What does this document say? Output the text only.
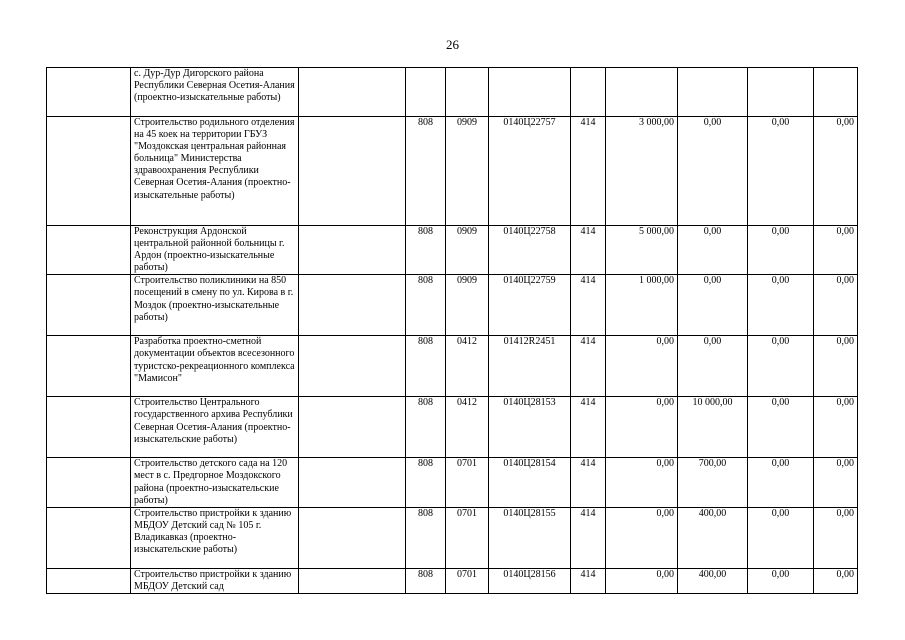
26
	с. Дур-Дур Дигорского района Республики Северная Осетия-Алания (проектно-изыскательные работы)									
	Строительство родильного отделения на 45 коек на территории ГБУЗ "Моздокская центральная районная больница" Министерства здравоохранения Республики Северная Осетия-Алания (проектно-изыскательные работы)		808	0909	0140Ц22757	414	3 000,00	0,00	0,00	0,00
	Реконструкция Ардонской центральной районной больницы г. Ардон (проектно-изыскательные работы)		808	0909	0140Ц22758	414	5 000,00	0,00	0,00	0,00
	Строительство поликлиники на 850 посещений в смену по ул. Кирова в г. Моздок (проектно-изыскательные работы)		808	0909	0140Ц22759	414	1 000,00	0,00	0,00	0,00
	Разработка проектно-сметной документации объектов всесезонного туристско-рекреационного комплекса "Мамисон"		808	0412	01412R2451	414	0,00	0,00	0,00	0,00
	Строительство Центрального государственного архива Республики Северная Осетия-Алания (проектно-изыскательские работы)		808	0412	0140Ц28153	414	0,00	10 000,00	0,00	0,00
	Строительство детского сада на 120 мест в с. Предгорное Моздокского района (проектно-изыскательские работы)		808	0701	0140Ц28154	414	0,00	700,00	0,00	0,00
	Строительство пристройки к зданию МБДОУ Детский сад № 105 г. Владикавказ (проектно-изыскательские работы)		808	0701	0140Ц28155	414	0,00	400,00	0,00	0,00
	Строительство пристройки к зданию МБДОУ Детский сад		808	0701	0140Ц28156	414	0,00	400,00	0,00	0,00
